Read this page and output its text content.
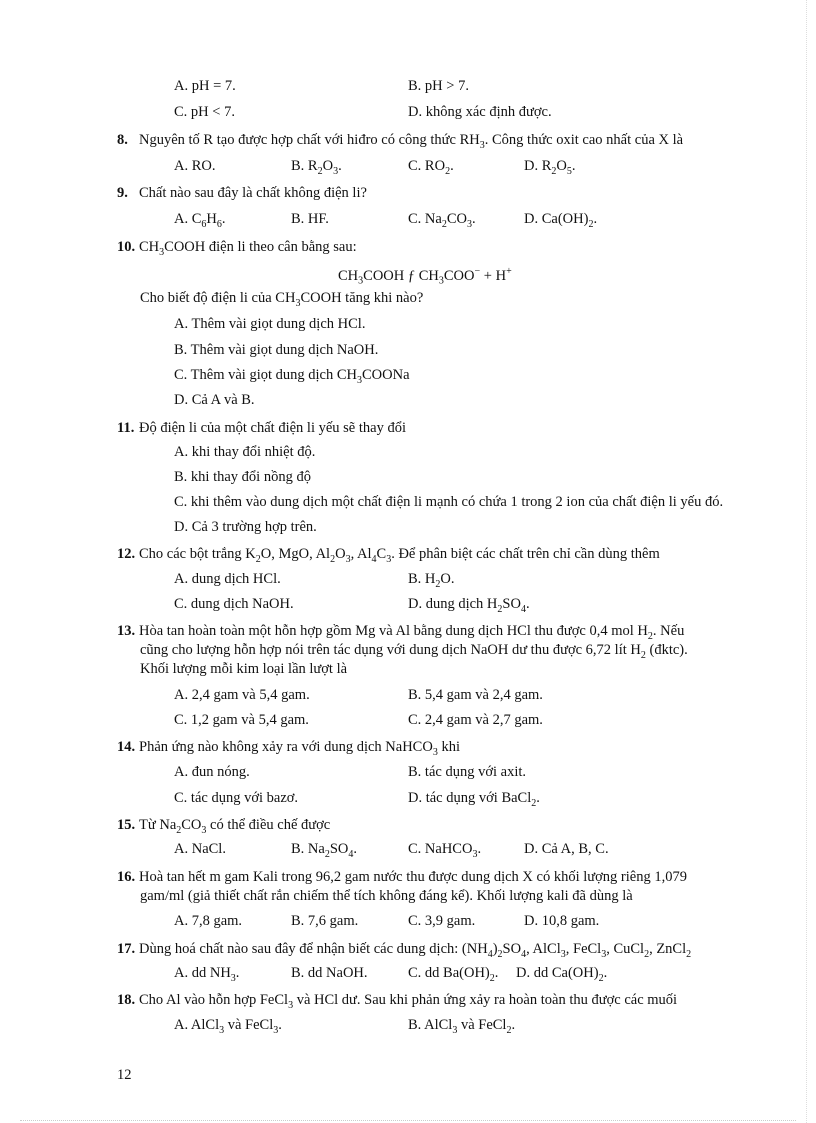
A. pH = 7.	B. pH > 7.
C. pH < 7.	D. không xác định được.
8. Nguyên tố R tạo được hợp chất với hiđro có công thức $RH_3$. Công thức oxit cao nhất của X là
A. RO.	B. $R_2O_3$.	C. $RO_2$.	D. $R_2O_5$.
9. Chất nào sau đây là chất không điện li?
A. $C_6H_6$.	B. HF.	C. $Na_2CO_3$.	D. $Ca(OH)_2$.
10. $CH_3COOH$ điện li theo cân bằng sau:
$CH_3COOH$ ƒ $CH_3COO^- + H^+$
Cho biết độ điện li của $CH_3COOH$ tăng khi nào?
A. Thêm vài giọt dung dịch HCl.
B. Thêm vài giọt dung dịch NaOH.
C. Thêm vài giọt dung dịch $CH_3COONa$
D. Cả A và B.
11. Độ điện li của một chất điện li yếu sẽ thay đổi
A. khi thay đổi nhiệt độ.
B. khi thay đổi nồng độ
C. khi thêm vào dung dịch một chất điện li mạnh có chứa 1 trong 2 ion của chất điện li yếu đó.
D. Cả 3 trường hợp trên.
12. Cho các bột trắng $K_2O$, MgO, $Al_2O_3$, $Al_4C_3$. Để phân biệt các chất trên chỉ cần dùng thêm
A. dung dịch HCl.	B. $H_2O$.
C. dung dịch NaOH.	D. dung dịch $H_2SO_4$.
13. Hòa tan hoàn toàn một hỗn hợp gồm Mg và Al bằng dung dịch HCl thu được 0,4 mol $H_2$. Nếu
cũng cho lượng hỗn hợp nói trên tác dụng với dung dịch NaOH dư thu được 6,72 lít $H_2$ (đktc).
Khối lượng mỗi kim loại lần lượt là
A. 2,4 gam và 5,4 gam.	B. 5,4 gam và 2,4 gam.
C. 1,2 gam và 5,4 gam.	C. 2,4 gam và 2,7 gam.
14. Phản ứng nào không xảy ra với dung dịch NaHCO$_3$ khi
A. đun nóng.	B. tác dụng với axit.
C. tác dụng với bazơ.	D. tác dụng với BaCl$_2$.
15. Từ $Na_2CO_3$ có thể điều chế được
A. NaCl.	B. $Na_2SO_4$.	C. NaHCO$_3$.	D. Cả A, B, C.
16. Hoà tan hết m gam Kali trong 96,2 gam nước thu được dung dịch X có khối lượng riêng 1,079
gam/ml (giả thiết chất rắn chiếm thể tích không đáng kể). Khối lượng kali đã dùng là
A. 7,8 gam.	B. 7,6 gam.	C. 3,9 gam.	D. 10,8 gam.
17. Dùng hoá chất nào sau đây để nhận biết các dung dịch: $(NH_4)_2SO_4$, AlCl$_3$, FeCl$_3$, CuCl$_2$, ZnCl$_2$
A. dd $NH_3$.	B. dd NaOH.	C. dd $Ba(OH)_2$. D. dd $Ca(OH)_2$.
18. Cho Al vào hỗn hợp FeCl$_3$ và HCl dư. Sau khi phản ứng xảy ra hoàn toàn thu được các muối
A. AlCl$_3$ và FeCl$_3$.	B. AlCl$_3$ và FeCl$_2$.
12
